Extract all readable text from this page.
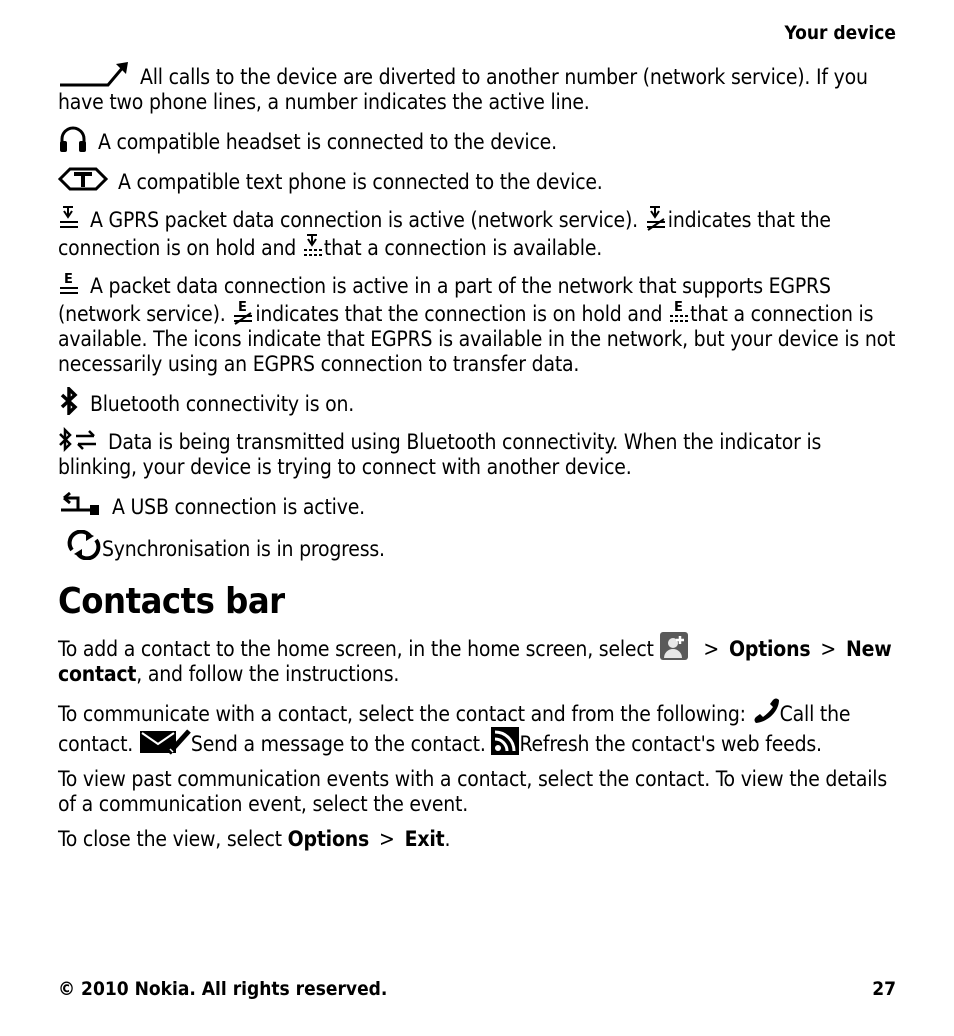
Your device

All calls to the device are diverted to another number (network service). If you have two phone lines, a number indicates the active line.

A compatible headset is connected to the device.

A compatible text phone is connected to the device.

A GPRS packet data connection is active (network service). indicates that the connection is on hold and that a connection is available.

E A packet data connection is active in a part of the network that supports EGPRS (network service). E indicates that the connection is on hold and E that a connection is available. The icons indicate that EGPRS is available in the network, but your device is not necessarily using an EGPRS connection to transfer data.

Bluetooth connectivity is on.

Data is being transmitted using Bluetooth connectivity. When the indicator is blinking, your device is trying to connect with another device.

A USB connection is active.

Synchronisation is in progress.

Contacts bar

To add a contact to the home screen, in the home screen, select > Options > New contact, and follow the instructions.

To communicate with a contact, select the contact and from the following: Call the contact.	Send a message to the contact. Refresh the contact's web feeds.

To view past communication events with a contact, select the contact. To view the details of a communication event, select the event.

To close the view, select Options > Exit.

© 2010 Nokia. All rights reserved.	27
